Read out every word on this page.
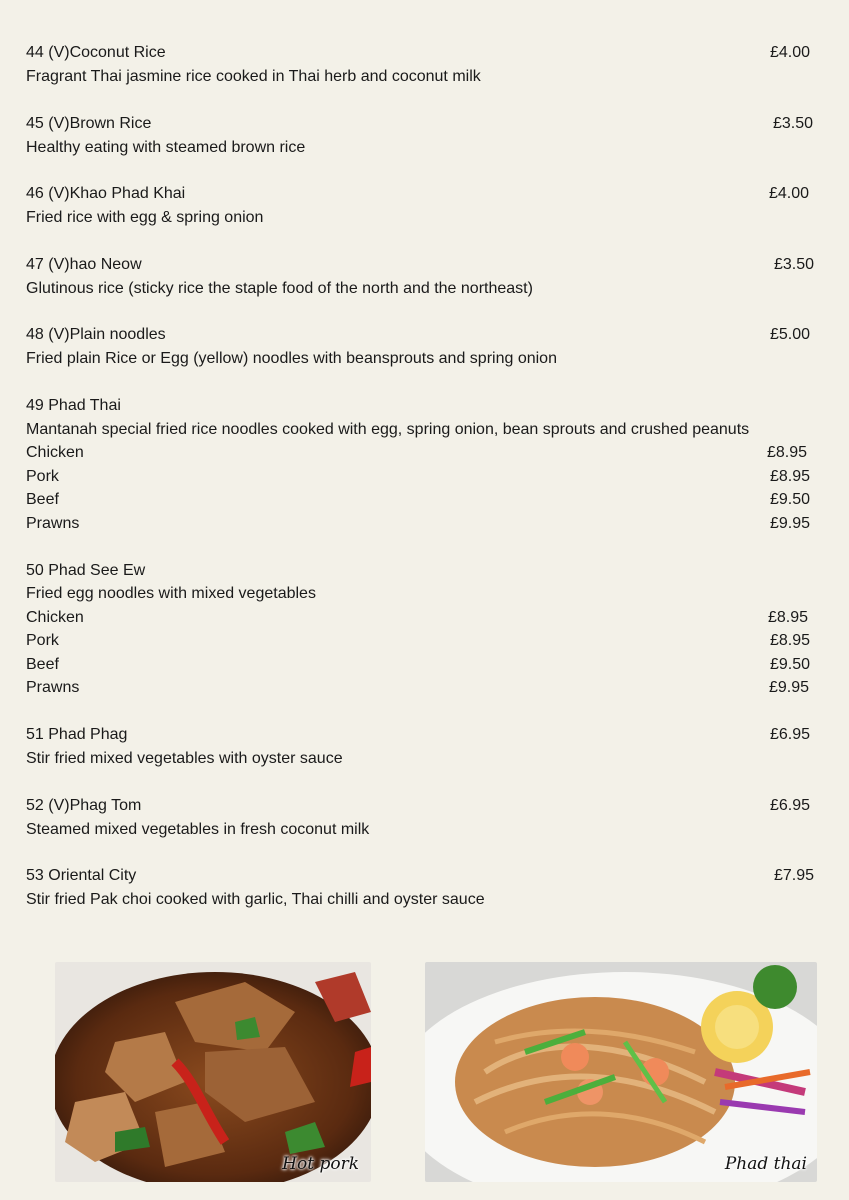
44 (V)Coconut Rice	£4.00
Fragrant Thai jasmine rice cooked in Thai herb and coconut milk
45 (V)Brown Rice	£3.50
Healthy eating with steamed brown rice
46 (V)Khao Phad Khai	£4.00
Fried rice with egg & spring onion
47 (V)hao Neow	£3.50
Glutinous rice (sticky rice the staple food of the north and the northeast)
48 (V)Plain noodles	£5.00
Fried plain Rice or Egg (yellow) noodles with beansprouts and spring onion
49 Phad Thai
Mantanah special fried rice noodles cooked with egg, spring onion, bean sprouts and crushed peanuts
Chicken	£8.95
Pork	£8.95
Beef	£9.50
Prawns	£9.95
50 Phad See Ew
Fried egg noodles with mixed vegetables
Chicken	£8.95
Pork	£8.95
Beef	£9.50
Prawns	£9.95
51 Phad Phag	£6.95
Stir fried mixed vegetables with oyster sauce
52 (V)Phag Tom	£6.95
Steamed mixed vegetables in fresh coconut milk
53 Oriental City	£7.95
Stir fried Pak choi cooked with garlic, Thai chilli and oyster sauce
Hot pork	Phad thai
